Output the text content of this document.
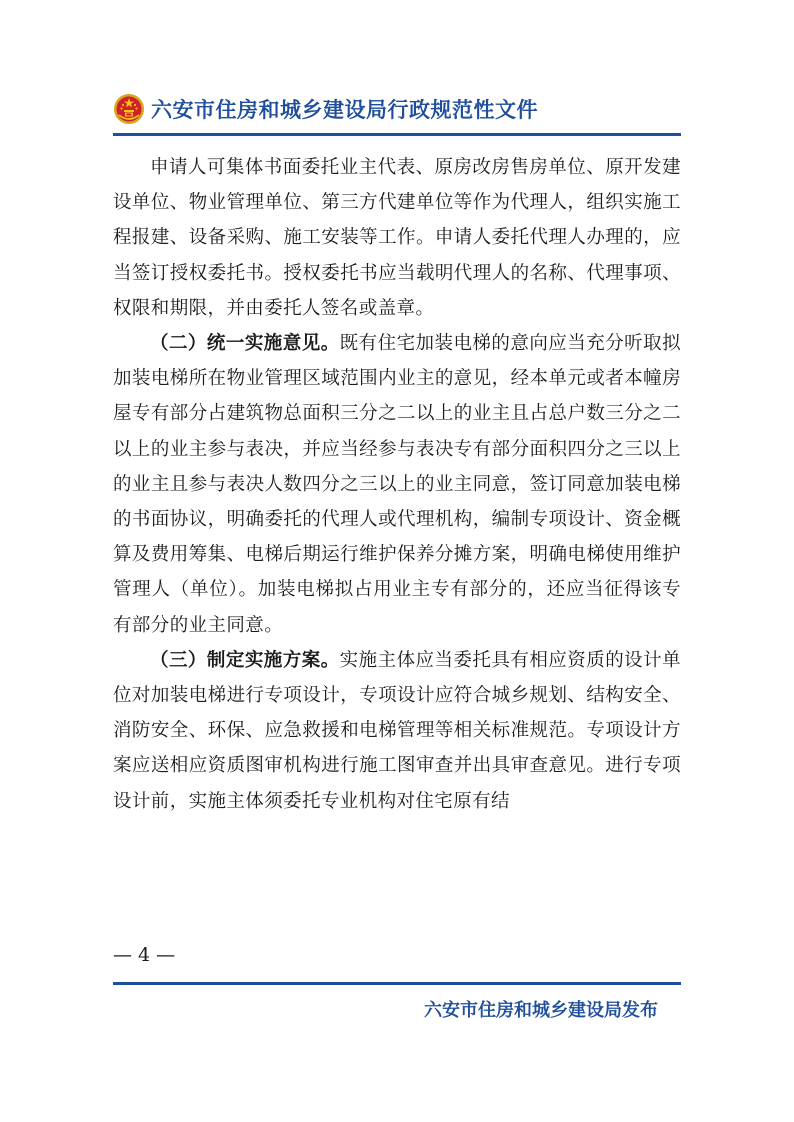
六安市住房和城乡建设局行政规范性文件

申请人可集体书面委托业主代表、原房改房售房单位、原开发建设单位、物业管理单位、第三方代建单位等作为代理人，组织实施工程报建、设备采购、施工安装等工作。申请人委托代理人办理的，应当签订授权委托书。授权委托书应当载明代理人的名称、代理事项、权限和期限，并由委托人签名或盖章。

（二）统一实施意见。既有住宅加装电梯的意向应当充分听取拟加装电梯所在物业管理区域范围内业主的意见，经本单元或者本幢房屋专有部分占建筑物总面积三分之二以上的业主且占总户数三分之二以上的业主参与表决，并应当经参与表决专有部分面积四分之三以上的业主且参与表决人数四分之三以上的业主同意，签订同意加装电梯的书面协议，明确委托的代理人或代理机构，编制专项设计、资金概算及费用筹集、电梯后期运行维护保养分摊方案，明确电梯使用维护管理人（单位）。加装电梯拟占用业主专有部分的，还应当征得该专有部分的业主同意。

（三）制定实施方案。实施主体应当委托具有相应资质的设计单位对加装电梯进行专项设计，专项设计应符合城乡规划、结构安全、消防安全、环保、应急救援和电梯管理等相关标准规范。专项设计方案应送相应资质图审机构进行施工图审查并出具审查意见。进行专项设计前，实施主体须委托专业机构对住宅原有结

— 4 —
六安市住房和城乡建设局发布
